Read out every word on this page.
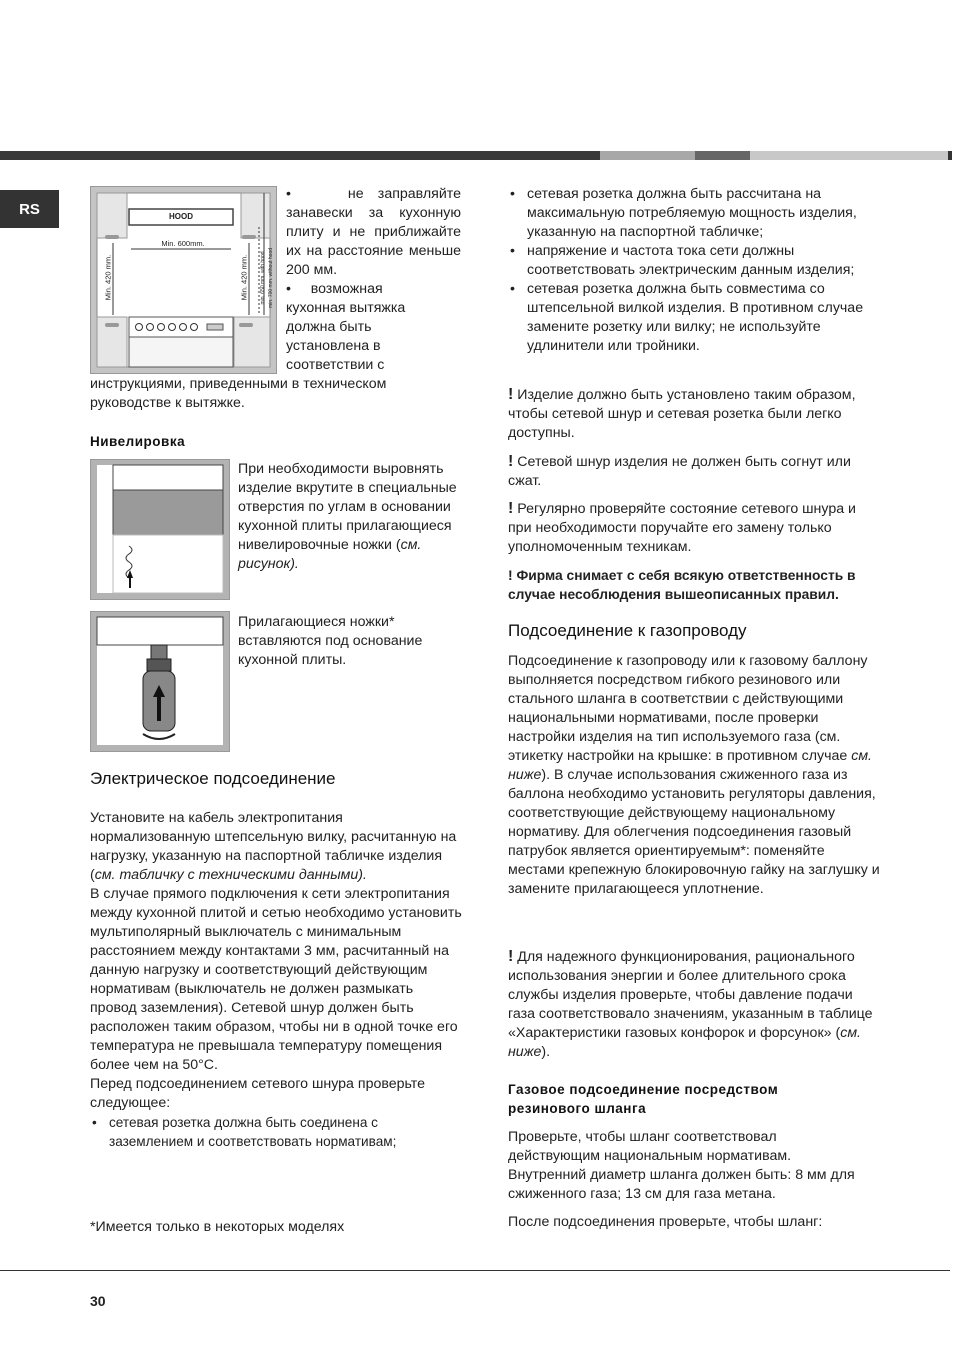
RS	HOOD
Min. 600mm.
Min. 420 mm.	Min. 420 mm. min. 650 mm. with hood min. 700 mm. without hood
•    не заправляйте занавески за кухонную плиту и не приближайте их на расстояние меньше 200 мм.
•     возможная
кухонная вытяжка
должна быть
установлена в
соответствии с
инструкциями, приведенными в техническом руководстве к вытяжке.
Нивелировка
При необходимости выровнять изделие вкрутите в специальные отверстия по углам в основании кухонной плиты прилагающиеся нивелировочные ножки (см. рисунок).
Прилагающиеся ножки* вставляются под основание кухонной плиты.
Электрическое подсоединение

Установите на кабель электропитания нормализованную штепсельную вилку, расчитанную на нагрузку, указанную на паспортной табличке изделия (см. табличку с техническими данными).

В случае прямого подключения к сети электропитания между кухонной плитой и сетью необходимо установить мультиполярный выключатель с минимальным расстоянием между контактами 3 мм, расчитанный на данную нагрузку и соответствующий действующим нормативам (выключатель не должен размыкать провод заземления). Сетевой шнур должен быть расположен таким образом, чтобы ни в одной точке его температура не превышала температуру помещения более чем на 50°C.

Перед подсоединением сетевого шнура проверьте следующее:

• сетевая розетка должна быть соединена с заземлением и соответствовать нормативам;

*Имеется только в некоторых моделях

• сетевая розетка должна быть рассчитана на максимальную потребляемую мощность изделия, указанную на паспортной табличке;

• напряжение и частота тока сети должны соответствовать электрическим данным изделия;

• сетевая розетка должна быть совместима со штепсельной вилкой изделия. В противном случае замените розетку или вилку; не используйте удлинители или тройники.

! Изделие должно быть установлено таким образом, чтобы сетевой шнур и сетевая розетка были легко доступны.
! Сетевой шнур изделия не должен быть согнут или сжат.
! Регулярно проверяйте состояние сетевого шнура и при необходимости поручайте его замену только уполномоченным техникам.
! Фирма снимает с себя всякую ответственность в случае несоблюдения вышеописанных правил.
Подсоединение к газопроводу
Подсоединение к газопроводу или к газовому баллону выполняется посредством гибкого резинового или стального шланга в соответствии с действующими национальными нормативами, после проверки настройки изделия на тип используемого газа (см. этикетку настройки на крышке: в противном случае см. ниже). В случае использования сжиженного газа из баллона необходимо установить регуляторы давления, соответствующие действующему национальному нормативу. Для облегчения подсоединения газовый патрубок является ориентируемым*: поменяйте местами крепежную блокировочную гайку на заглушку и замените прилагающееся уплотнение.
! Для надежного функционирования, рационального использования энергии и более длительного срока службы изделия проверьте, чтобы давление подачи газа соответствовало значениям, указанным в таблице «Характеристики газовых конфорок и форсунок» (см. ниже).
Газовое подсоединение посредством резинового шланга
Проверьте, чтобы шланг соответствовал действующим национальным нормативам. Внутренний диаметр шланга должен быть: 8 мм для сжиженного газа; 13 см для газа метана.
После подсоединения проверьте, чтобы шланг:
30
